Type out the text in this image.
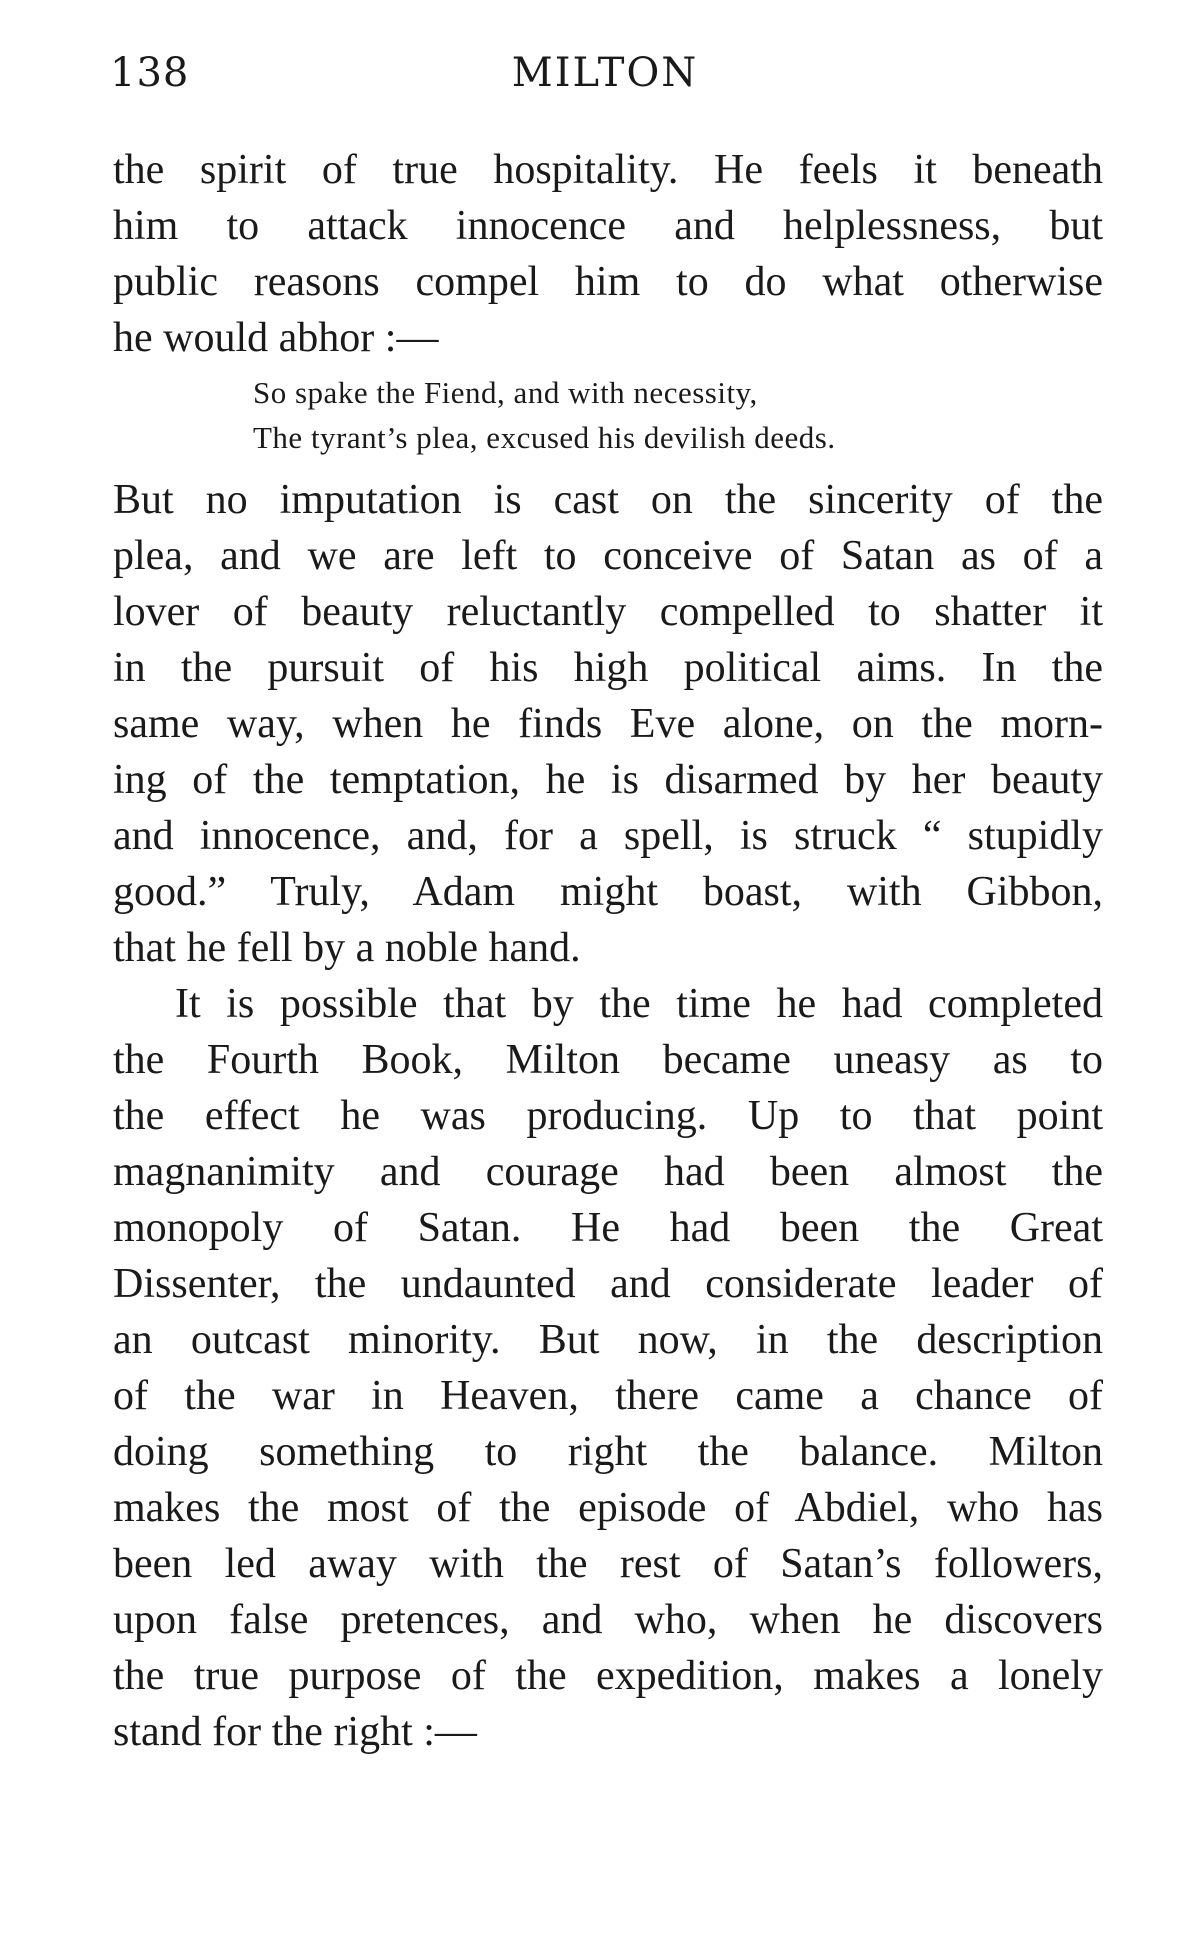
138	MILTON
the spirit of true hospitality. He feels it beneath
him to attack innocence and helplessness, but
public reasons compel him to do what otherwise
he would abhor :—
So spake the Fiend, and with necessity,
The tyrant’s plea, excused his devilish deeds.
But no imputation is cast on the sincerity of the
plea, and we are left to conceive of Satan as of a
lover of beauty reluctantly compelled to shatter it
in the pursuit of his high political aims. In the
same way, when he finds Eve alone, on the morn-
ing of the temptation, he is disarmed by her beauty
and innocence, and, for a spell, is struck “ stupidly
good.” Truly, Adam might boast, with Gibbon,
that he fell by a noble hand.
It is possible that by the time he had completed
the Fourth Book, Milton became uneasy as to
the effect he was producing. Up to that point
magnanimity and courage had been almost the
monopoly of Satan. He had been the Great
Dissenter, the undaunted and considerate leader of
an outcast minority. But now, in the description
of the war in Heaven, there came a chance of
doing something to right the balance. Milton
makes the most of the episode of Abdiel, who has
been led away with the rest of Satan’s followers,
upon false pretences, and who, when he discovers
the true purpose of the expedition, makes a lonely
stand for the right :—
